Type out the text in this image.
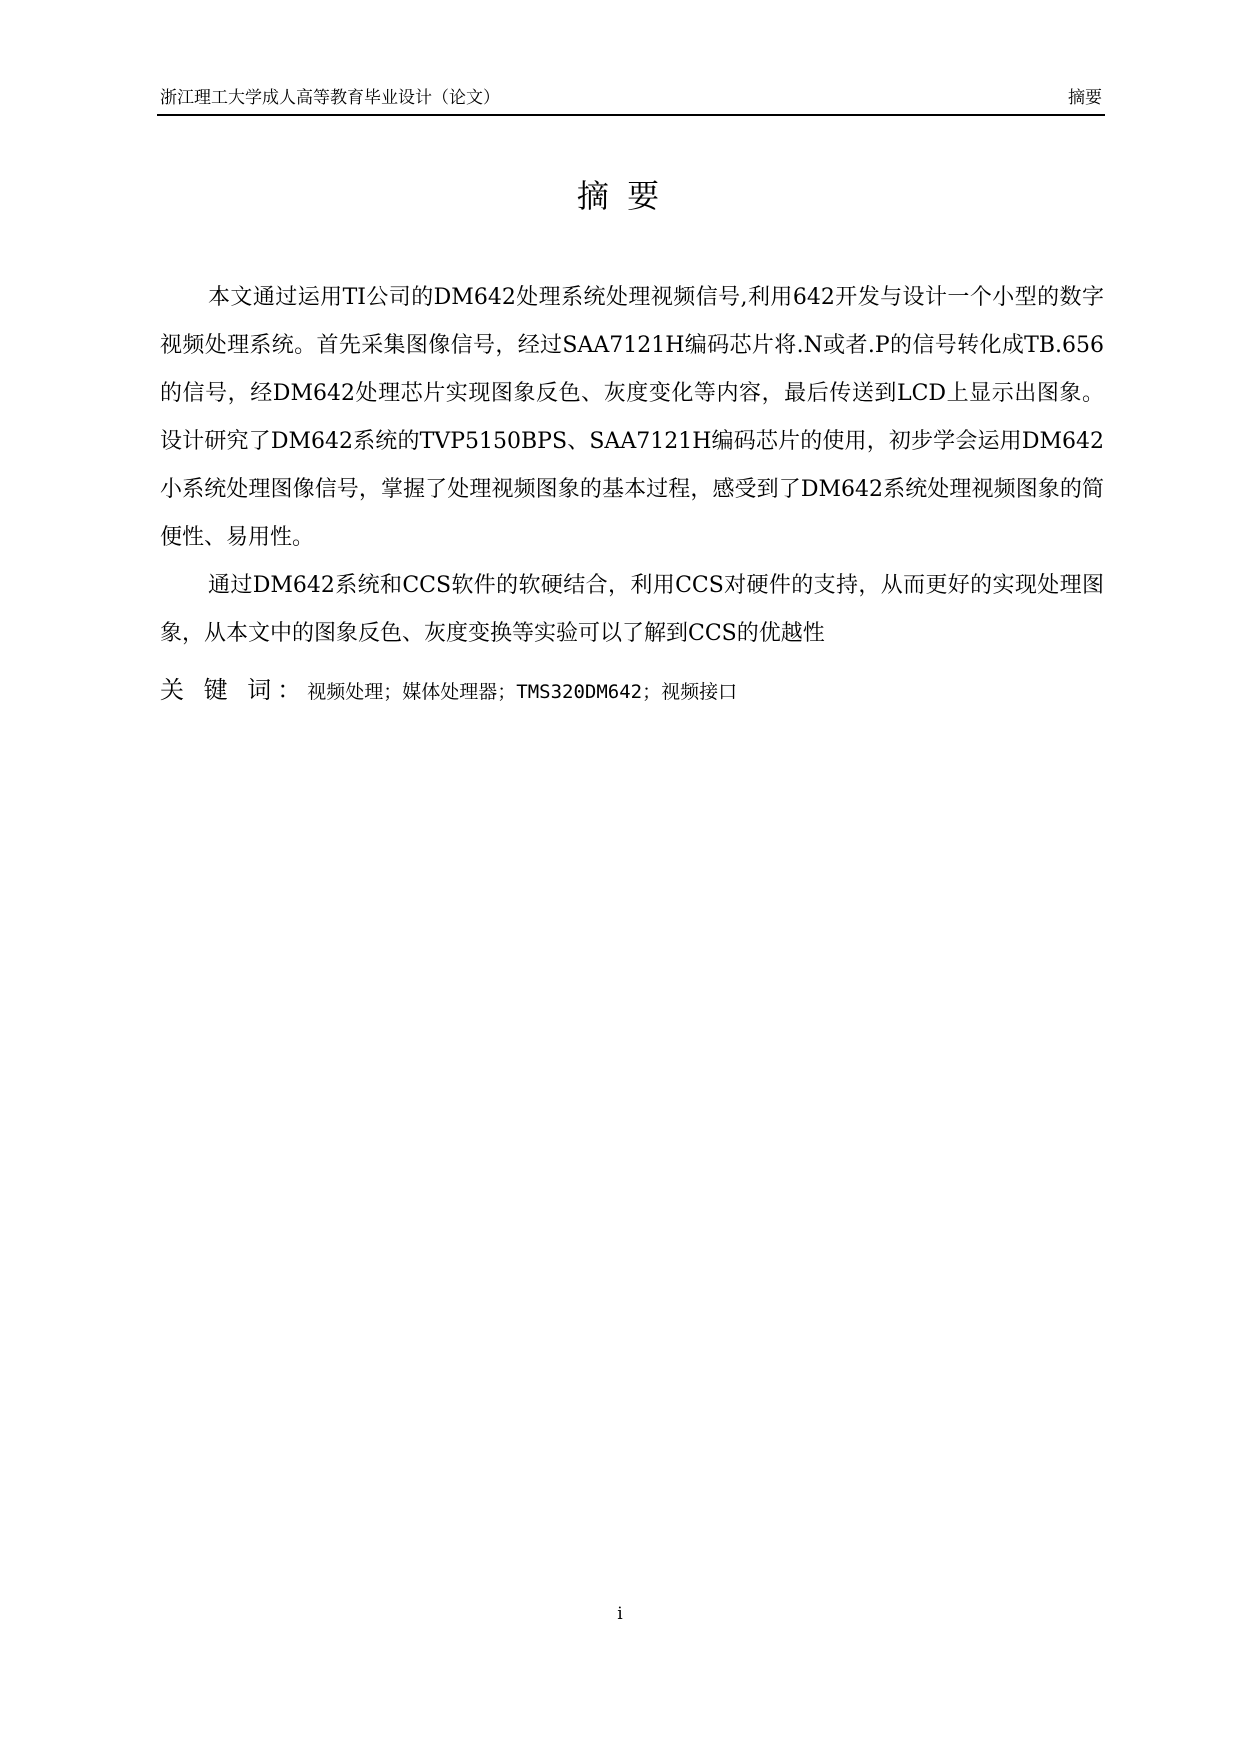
浙江理工大学成人高等教育毕业设计（论文）	摘要
摘 要

本文通过运用TI公司的DM642处理系统处理视频信号,利用642开发与设计一个小型的数字视频处理系统。首先采集图像信号，经过SAA7121H编码芯片将.N或者.P的信号转化成TB.656的信号，经DM642处理芯片实现图象反色、灰度变化等内容，最后传送到LCD上显示出图象。设计研究了DM642系统的TVP5150BPS、SAA7121H编码芯片的使用，初步学会运用DM642小系统处理图像信号，掌握了处理视频图象的基本过程，感受到了DM642系统处理视频图象的简便性、易用性。

通过DM642系统和CCS软件的软硬结合，利用CCS对硬件的支持，从而更好的实现处理图象，从本文中的图象反色、灰度变换等实验可以了解到CCS的优越性

关 键 词：视频处理；媒体处理器；TMS320DM642；视频接口
i
